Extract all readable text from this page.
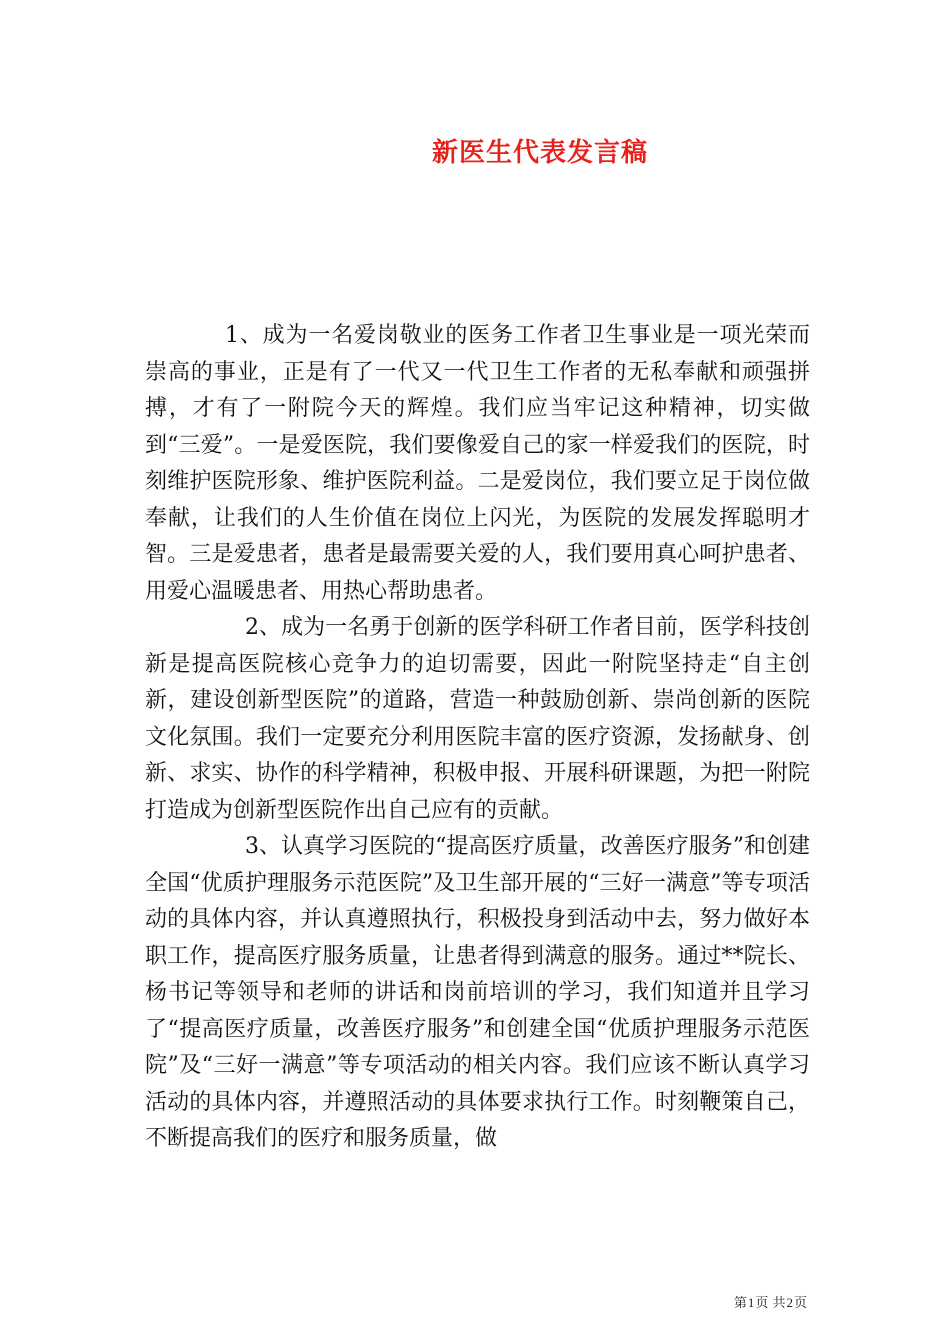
新医生代表发言稿

1、成为一名爱岗敬业的医务工作者卫生事业是一项光荣而崇高的事业，正是有了一代又一代卫生工作者的无私奉献和顽强拼搏，才有了一附院今天的辉煌。我们应当牢记这种精神，切实做到“三爱”。一是爱医院，我们要像爱自己的家一样爱我们的医院，时刻维护医院形象、维护医院利益。二是爱岗位，我们要立足于岗位做奉献，让我们的人生价值在岗位上闪光，为医院的发展发挥聪明才智。三是爱患者，患者是最需要关爱的人，我们要用真心呵护患者、用爱心温暖患者、用热心帮助患者。

2、成为一名勇于创新的医学科研工作者目前，医学科技创新是提高医院核心竞争力的迫切需要，因此一附院坚持走“自主创新，建设创新型医院”的道路，营造一种鼓励创新、崇尚创新的医院文化氛围。我们一定要充分利用医院丰富的医疗资源，发扬献身、创新、求实、协作的科学精神，积极申报、开展科研课题，为把一附院打造成为创新型医院作出自己应有的贡献。

3、认真学习医院的“提高医疗质量，改善医疗服务”和创建全国“优质护理服务示范医院”及卫生部开展的“三好一满意”等专项活动的具体内容，并认真遵照执行，积极投身到活动中去，努力做好本职工作，提高医疗服务质量，让患者得到满意的服务。通过**院长、杨书记等领导和老师的讲话和岗前培训的学习，我们知道并且学习了“提高医疗质量，改善医疗服务”和创建全国“优质护理服务示范医院”及“三好一满意”等专项活动的相关内容。我们应该不断认真学习活动的具体内容，并遵照活动的具体要求执行工作。时刻鞭策自己，不断提高我们的医疗和服务质量，做

第1页 共2页
